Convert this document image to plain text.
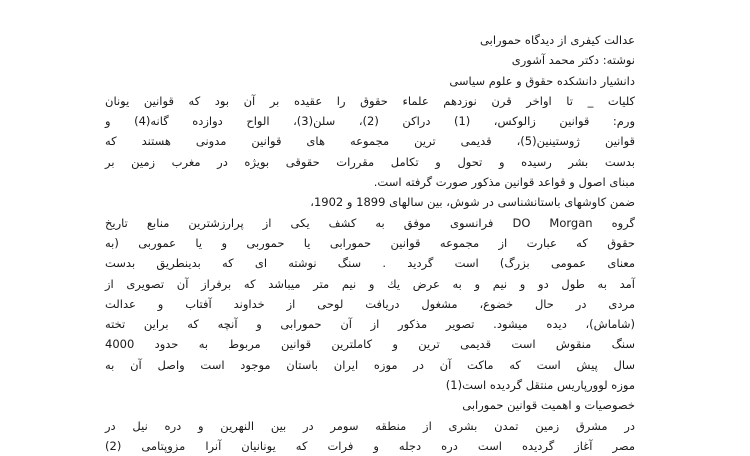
عدالت کیفری از دیدگاه حمورابی
نوشته: دکتر محمد آشوری
دانشیار دانشکده حقوق و علوم سیاسی
کلیات _ تا اواخر قرن نوزدهم علماء حقوق را عقیده بر آن بود که قوانین یونان
ورم: قوانین زالوکس، (1) دراکن (2)، سلن(3)، الواح دوازده گانه(4) و
قوانین ژوستینین(5)، قدیمی ترین مجموعه های قوانین مدونی هستند که
بدست بشر رسیده و تحول و تکامل مقررات حقوقی بویژه در مغرب زمین بر
مبنای اصول و قواعد قوانین مذکور صورت گرفته است.
ضمن کاوشهای باستانشناسی در شوش، بین سالهای 1899 و 1902،
گروه DO Morgan فرانسوی موفق به کشف یکی از پرارزشترین منابع تاریخ
حقوق که عبارت از مجموعه قوانین حمورابی یا حموربی و یا عموربی (به
معنای عمومی بزرگ) است گردید . سنگ نوشته ای که بدینطریق بدست
آمد به طول دو و نیم و به عرض یك و نیم متر میباشد که برفراز آن تصویری از
مردی در حال خضوع، مشغول دریافت لوحی از خداوند آفتاب و عدالت
(شاماش)، دیده میشود. تصویر مذکور از آن حمورابی و آنچه که براین تخته
سنگ منقوش است قدیمی ترین و کاملترین قوانین مربوط به حدود 4000
سال پیش است که ماکت آن در موزه ایران باستان موجود است واصل آن به
موزه لوورپاریس منتقل گردیده است(1)
خصوصیات و اهمیت قوانین حمورابی
در مشرق زمین تمدن بشری از منطقه سومر در بین النهرین و دره نیل در
مصر آغاز گردیده است دره دجله و فرات که یونانیان آنرا مزوپتامی (2)
